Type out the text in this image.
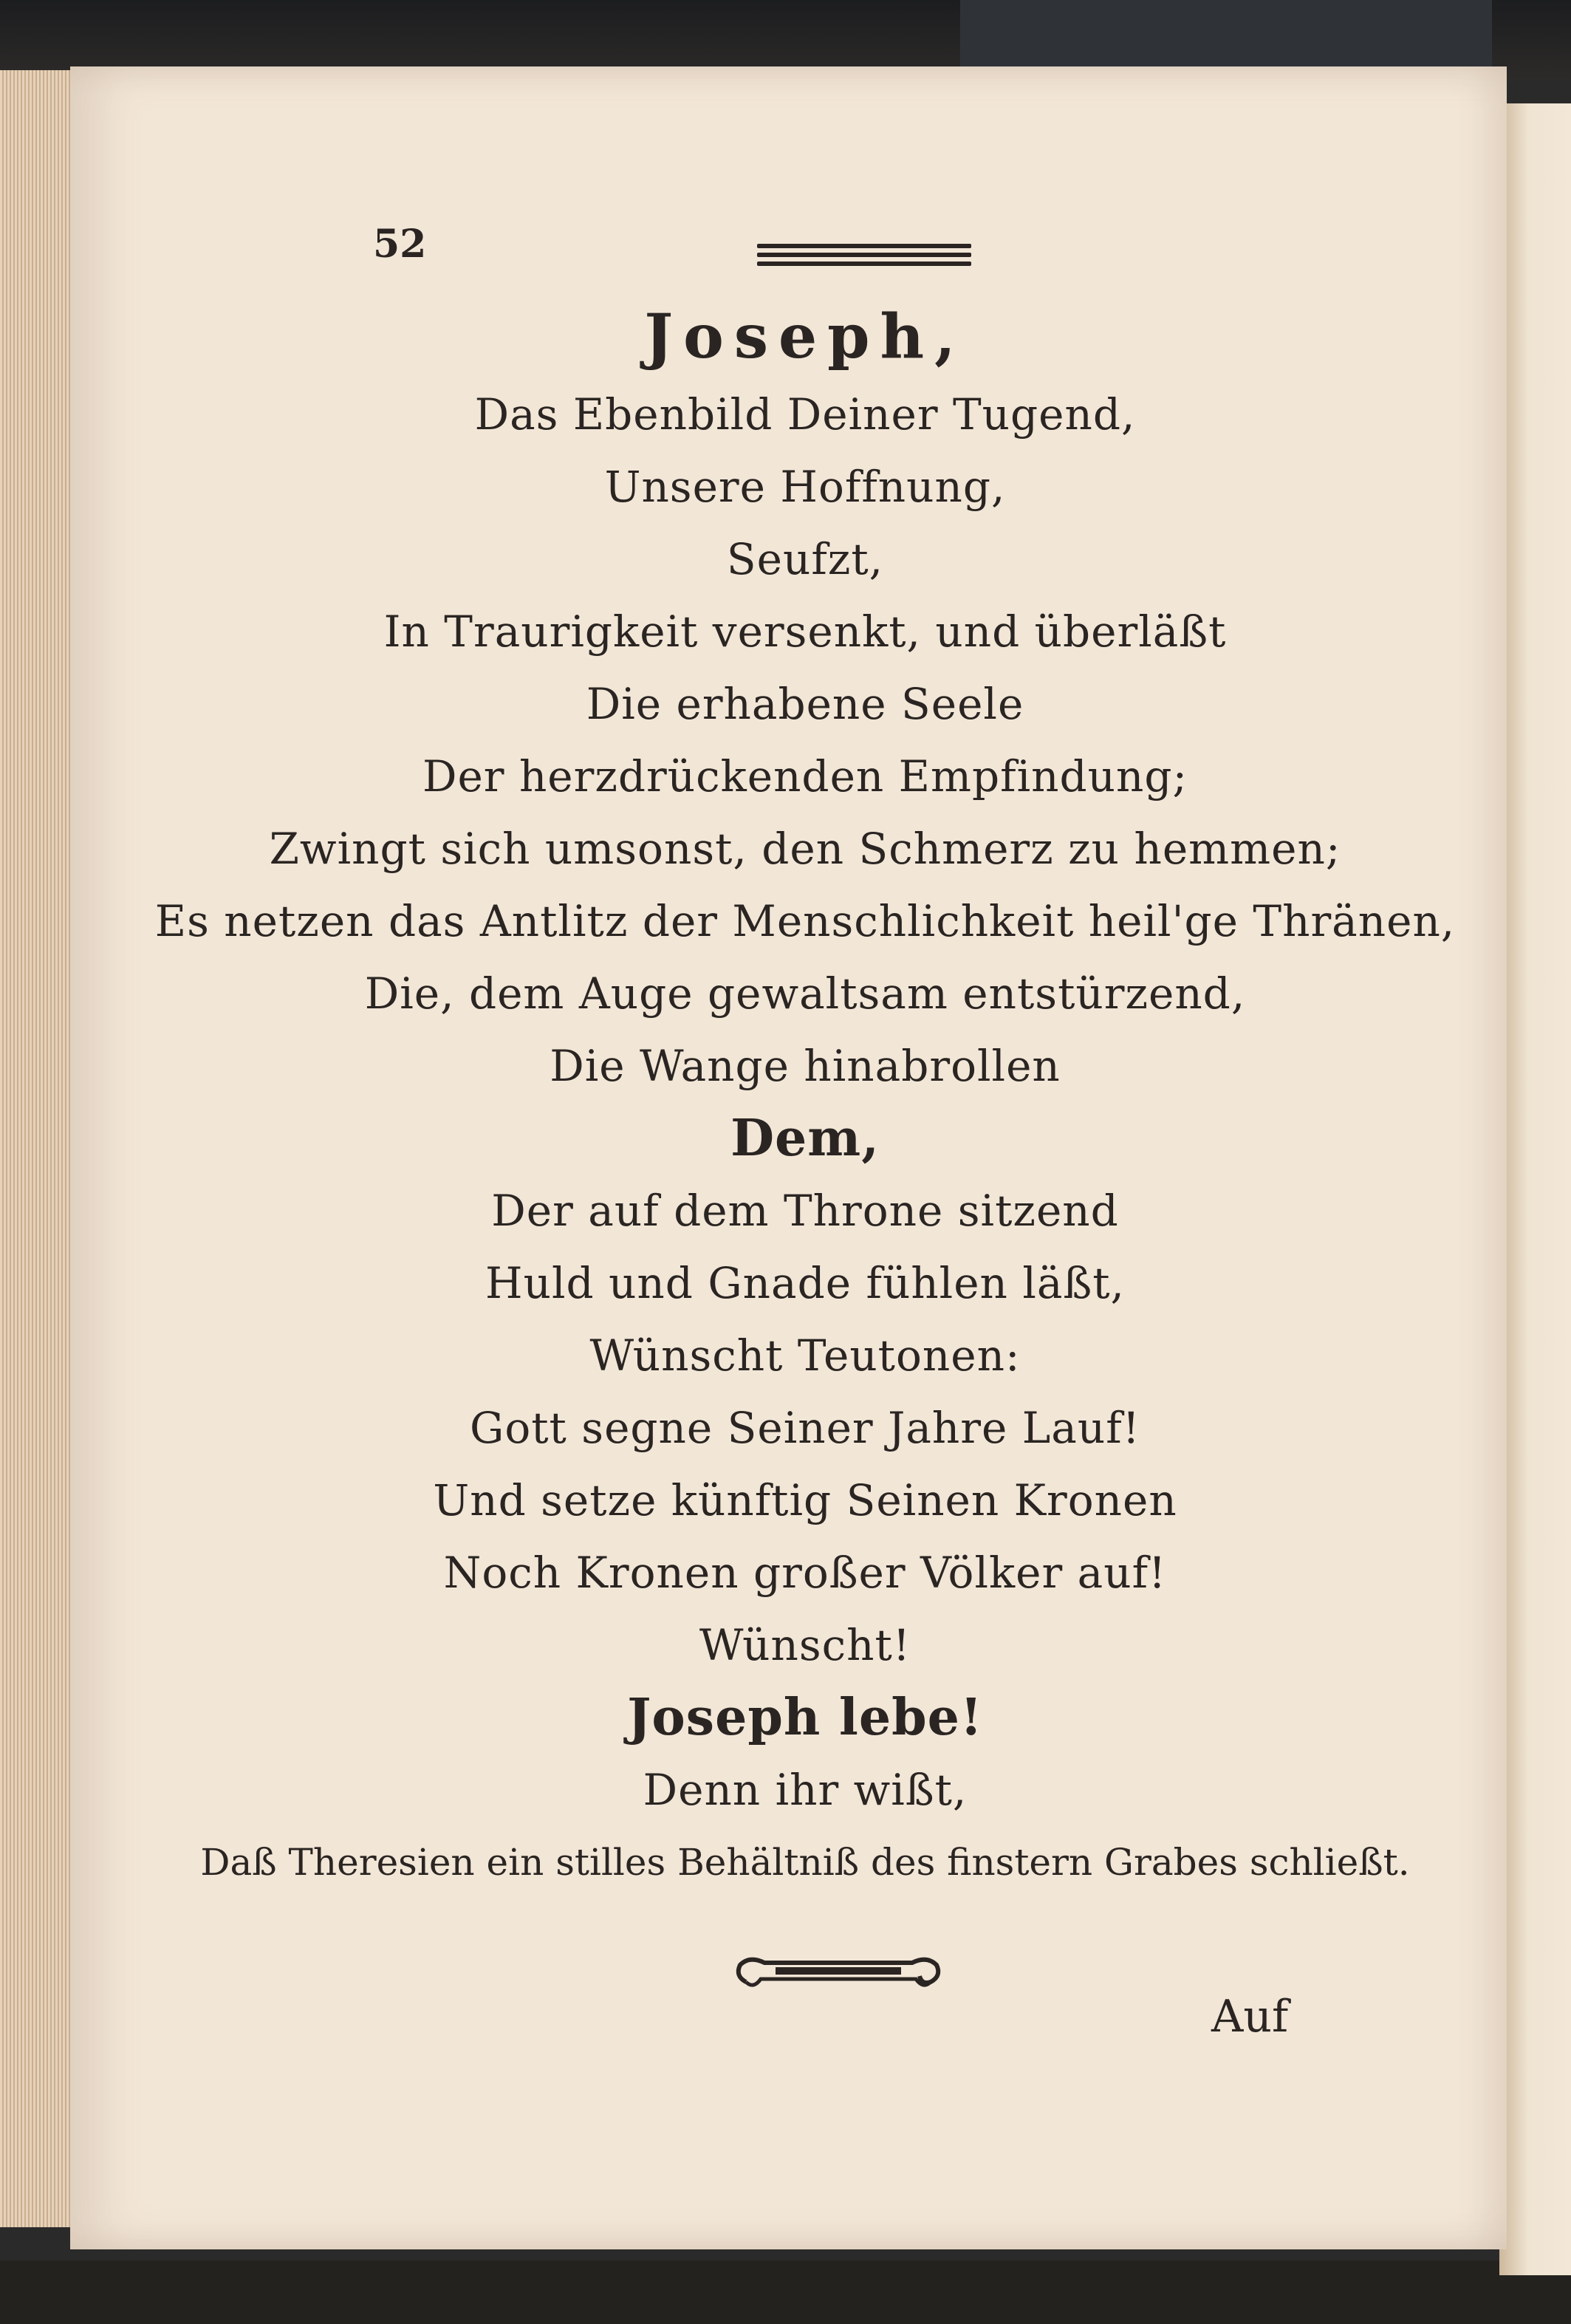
52
Joseph,
Das Ebenbild Deiner Tugend,
Unsere Hoffnung,
Seufzt,
In Traurigkeit versenkt, und überläßt
Die erhabene Seele
Der herzdrückenden Empfindung;
Zwingt sich umsonst, den Schmerz zu hemmen;
Es netzen das Antlitz der Menschlichkeit heil'ge Thränen,
Die, dem Auge gewaltsam entstürzend,
Die Wange hinabrollen
Dem,
Der auf dem Throne sitzend
Huld und Gnade fühlen läßt,
Wünscht Teutonen:
Gott segne Seiner Jahre Lauf!
Und setze künftig Seinen Kronen
Noch Kronen großer Völker auf!
Wünscht!
Joseph lebe!
Denn ihr wißt,
Daß Theresien ein stilles Behältniß des finstern Grabes schließt.
Auf
